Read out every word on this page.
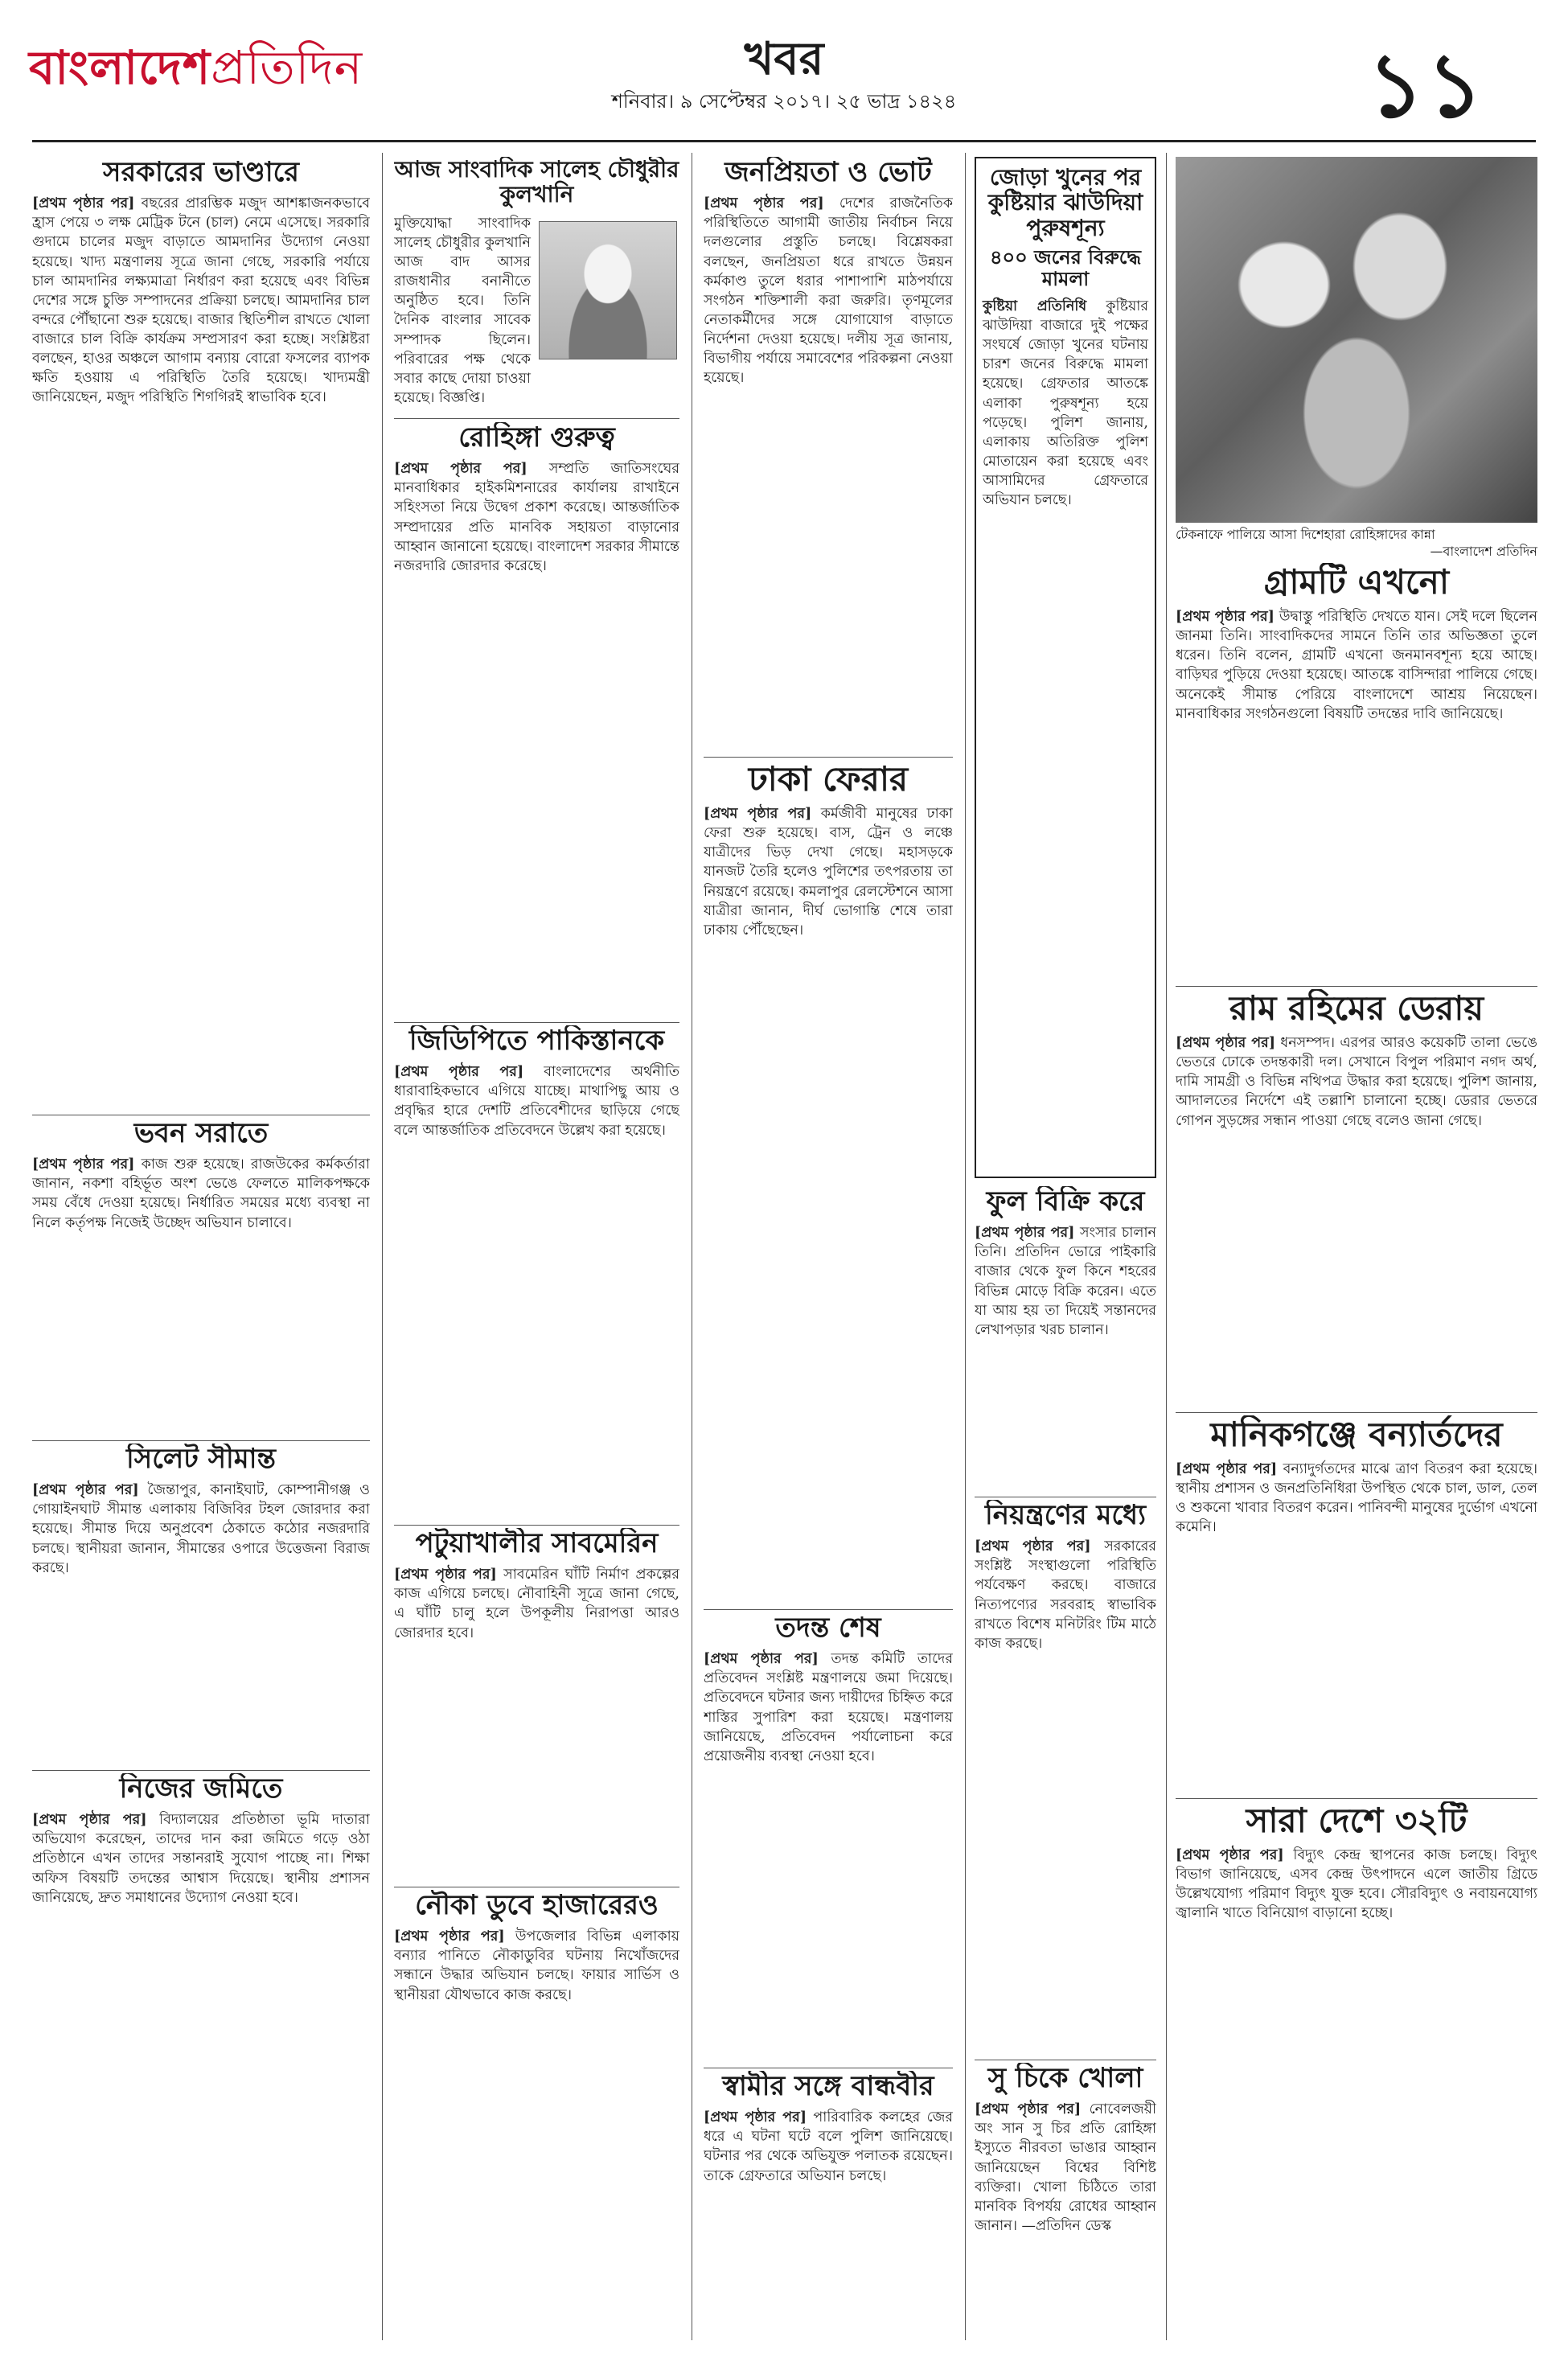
বাংলাদেশপ্রতিদিন	খবর
শনিবার। ৯ সেপ্টেম্বর ২০১৭। ২৫ ভাদ্র ১৪২৪	১১
সরকারের ভাণ্ডারে

[প্রথম পৃষ্ঠার পর] বছরের প্রারম্ভিক মজুদ আশঙ্কাজনকভাবে হ্রাস পেয়ে ৩ লক্ষ মেট্রিক টনে (চাল) নেমে এসেছে। সরকারি গুদামে চালের মজুদ বাড়াতে আমদানির উদ্যোগ নেওয়া হয়েছে। খাদ্য মন্ত্রণালয় সূত্রে জানা গেছে, সরকারি পর্যায়ে চাল আমদানির লক্ষ্যমাত্রা নির্ধারণ করা হয়েছে এবং বিভিন্ন দেশের সঙ্গে চুক্তি সম্পাদনের প্রক্রিয়া চলছে। আমদানির চাল বন্দরে পৌঁছানো শুরু হয়েছে। বাজার স্থিতিশীল রাখতে খোলা বাজারে চাল বিক্রি কার্যক্রম সম্প্রসারণ করা হচ্ছে। সংশ্লিষ্টরা বলছেন, হাওর অঞ্চলে আগাম বন্যায় বোরো ফসলের ব্যাপক ক্ষতি হওয়ায় এ পরিস্থিতি তৈরি হয়েছে। খাদ্যমন্ত্রী জানিয়েছেন, মজুদ পরিস্থিতি শিগগিরই স্বাভাবিক হবে।

ভবন সরাতে

[প্রথম পৃষ্ঠার পর] কাজ শুরু হয়েছে। রাজউকের কর্মকর্তারা জানান, নকশা বহির্ভূত অংশ ভেঙে ফেলতে মালিকপক্ষকে সময় বেঁধে দেওয়া হয়েছে। নির্ধারিত সময়ের মধ্যে ব্যবস্থা না নিলে কর্তৃপক্ষ নিজেই উচ্ছেদ অভিযান চালাবে।

সিলেট সীমান্ত

[প্রথম পৃষ্ঠার পর] জৈন্তাপুর, কানাইঘাট, কোম্পানীগঞ্জ ও গোয়াইনঘাট সীমান্ত এলাকায় বিজিবির টহল জোরদার করা হয়েছে। সীমান্ত দিয়ে অনুপ্রবেশ ঠেকাতে কঠোর নজরদারি চলছে। স্থানীয়রা জানান, সীমান্তের ওপারে উত্তেজনা বিরাজ করছে।

নিজের জমিতে

[প্রথম পৃষ্ঠার পর] বিদ্যালয়ের প্রতিষ্ঠাতা ভূমি দাতারা অভিযোগ করেছেন, তাদের দান করা জমিতে গড়ে ওঠা প্রতিষ্ঠানে এখন তাদের সন্তানরাই সুযোগ পাচ্ছে না। শিক্ষা অফিস বিষয়টি তদন্তের আশ্বাস দিয়েছে। স্থানীয় প্রশাসন জানিয়েছে, দ্রুত সমাধানের উদ্যোগ নেওয়া হবে।

আজ সাংবাদিক সালেহ চৌধুরীর কুলখানি

মুক্তিযোদ্ধা সাংবাদিক সালেহ চৌধুরীর কুলখানি আজ বাদ আসর রাজধানীর বনানীতে অনুষ্ঠিত হবে। তিনি দৈনিক বাংলার সাবেক সম্পাদক ছিলেন। পরিবারের পক্ষ থেকে সবার কাছে দোয়া চাওয়া হয়েছে। বিজ্ঞপ্তি।

রোহিঙ্গা গুরুত্ব

[প্রথম পৃষ্ঠার পর] সম্প্রতি জাতিসংঘের মানবাধিকার হাইকমিশনারের কার্যালয় রাখাইনে সহিংসতা নিয়ে উদ্বেগ প্রকাশ করেছে। আন্তর্জাতিক সম্প্রদায়ের প্রতি মানবিক সহায়তা বাড়ানোর আহ্বান জানানো হয়েছে। বাংলাদেশ সরকার সীমান্তে নজরদারি জোরদার করেছে।

জিডিপিতে পাকিস্তানকে

[প্রথম পৃষ্ঠার পর] বাংলাদেশের অর্থনীতি ধারাবাহিকভাবে এগিয়ে যাচ্ছে। মাথাপিছু আয় ও প্রবৃদ্ধির হারে দেশটি প্রতিবেশীদের ছাড়িয়ে গেছে বলে আন্তর্জাতিক প্রতিবেদনে উল্লেখ করা হয়েছে।

পটুয়াখালীর সাবমেরিন

[প্রথম পৃষ্ঠার পর] সাবমেরিন ঘাঁটি নির্মাণ প্রকল্পের কাজ এগিয়ে চলছে। নৌবাহিনী সূত্রে জানা গেছে, এ ঘাঁটি চালু হলে উপকূলীয় নিরাপত্তা আরও জোরদার হবে।

নৌকা ডুবে হাজারেরও

[প্রথম পৃষ্ঠার পর] উপজেলার বিভিন্ন এলাকায় বন্যার পানিতে নৌকাডুবির ঘটনায় নিখোঁজদের সন্ধানে উদ্ধার অভিযান চলছে। ফায়ার সার্ভিস ও স্থানীয়রা যৌথভাবে কাজ করছে।

জনপ্রিয়তা ও ভোট

[প্রথম পৃষ্ঠার পর] দেশের রাজনৈতিক পরিস্থিতিতে আগামী জাতীয় নির্বাচন নিয়ে দলগুলোর প্রস্তুতি চলছে। বিশ্লেষকরা বলছেন, জনপ্রিয়তা ধরে রাখতে উন্নয়ন কর্মকাণ্ড তুলে ধরার পাশাপাশি মাঠপর্যায়ে সংগঠন শক্তিশালী করা জরুরি। তৃণমূলের নেতাকর্মীদের সঙ্গে যোগাযোগ বাড়াতে নির্দেশনা দেওয়া হয়েছে। দলীয় সূত্র জানায়, বিভাগীয় পর্যায়ে সমাবেশের পরিকল্পনা নেওয়া হয়েছে।

ঢাকা ফেরার

[প্রথম পৃষ্ঠার পর] কর্মজীবী মানুষের ঢাকা ফেরা শুরু হয়েছে। বাস, ট্রেন ও লঞ্চে যাত্রীদের ভিড় দেখা গেছে। মহাসড়কে যানজট তৈরি হলেও পুলিশের তৎপরতায় তা নিয়ন্ত্রণে রয়েছে। কমলাপুর রেলস্টেশনে আসা যাত্রীরা জানান, দীর্ঘ ভোগান্তি শেষে তারা ঢাকায় পৌঁছেছেন।

তদন্ত শেষ

[প্রথম পৃষ্ঠার পর] তদন্ত কমিটি তাদের প্রতিবেদন সংশ্লিষ্ট মন্ত্রণালয়ে জমা দিয়েছে। প্রতিবেদনে ঘটনার জন্য দায়ীদের চিহ্নিত করে শাস্তির সুপারিশ করা হয়েছে। মন্ত্রণালয় জানিয়েছে, প্রতিবেদন পর্যালোচনা করে প্রয়োজনীয় ব্যবস্থা নেওয়া হবে।

স্বামীর সঙ্গে বান্ধবীর

[প্রথম পৃষ্ঠার পর] পারিবারিক কলহের জের ধরে এ ঘটনা ঘটে বলে পুলিশ জানিয়েছে। ঘটনার পর থেকে অভিযুক্ত পলাতক রয়েছেন। তাকে গ্রেফতারে অভিযান চলছে।

জোড়া খুনের পর কুষ্টিয়ার ঝাউদিয়া পুরুষশূন্য
৪০০ জনের বিরুদ্ধে মামলা

কুষ্টিয়া প্রতিনিধি কুষ্টিয়ার ঝাউদিয়া বাজারে দুই পক্ষের সংঘর্ষে জোড়া খুনের ঘটনায় চারশ জনের বিরুদ্ধে মামলা হয়েছে। গ্রেফতার আতঙ্কে এলাকা পুরুষশূন্য হয়ে পড়েছে। পুলিশ জানায়, এলাকায় অতিরিক্ত পুলিশ মোতায়েন করা হয়েছে এবং আসামিদের গ্রেফতারে অভিযান চলছে।

ফুল বিক্রি করে

[প্রথম পৃষ্ঠার পর] সংসার চালান তিনি। প্রতিদিন ভোরে পাইকারি বাজার থেকে ফুল কিনে শহরের বিভিন্ন মোড়ে বিক্রি করেন। এতে যা আয় হয় তা দিয়েই সন্তানদের লেখাপড়ার খরচ চালান।

নিয়ন্ত্রণের মধ্যে

[প্রথম পৃষ্ঠার পর] সরকারের সংশ্লিষ্ট সংস্থাগুলো পরিস্থিতি পর্যবেক্ষণ করছে। বাজারে নিত্যপণ্যের সরবরাহ স্বাভাবিক রাখতে বিশেষ মনিটরিং টিম মাঠে কাজ করছে।

সু চিকে খোলা

[প্রথম পৃষ্ঠার পর] নোবেলজয়ী অং সান সু চির প্রতি রোহিঙ্গা ইস্যুতে নীরবতা ভাঙার আহ্বান জানিয়েছেন বিশ্বের বিশিষ্ট ব্যক্তিরা। খোলা চিঠিতে তারা মানবিক বিপর্যয় রোধের আহ্বান জানান। —প্রতিদিন ডেস্ক

টেকনাফে পালিয়ে আসা দিশেহারা রোহিঙ্গাদের কান্না
—বাংলাদেশ প্রতিদিন
গ্রামটি এখনো

[প্রথম পৃষ্ঠার পর] উদ্বাস্তু পরিস্থিতি দেখতে যান। সেই দলে ছিলেন জানমা তিনি। সাংবাদিকদের সামনে তিনি তার অভিজ্ঞতা তুলে ধরেন। তিনি বলেন, গ্রামটি এখনো জনমানবশূন্য হয়ে আছে। বাড়িঘর পুড়িয়ে দেওয়া হয়েছে। আতঙ্কে বাসিন্দারা পালিয়ে গেছে। অনেকেই সীমান্ত পেরিয়ে বাংলাদেশে আশ্রয় নিয়েছেন। মানবাধিকার সংগঠনগুলো বিষয়টি তদন্তের দাবি জানিয়েছে।

রাম রহিমের ডেরায়

[প্রথম পৃষ্ঠার পর] ধনসম্পদ। এরপর আরও কয়েকটি তালা ভেঙে ভেতরে ঢোকে তদন্তকারী দল। সেখানে বিপুল পরিমাণ নগদ অর্থ, দামি সামগ্রী ও বিভিন্ন নথিপত্র উদ্ধার করা হয়েছে। পুলিশ জানায়, আদালতের নির্দেশে এই তল্লাশি চালানো হচ্ছে। ডেরার ভেতরে গোপন সুড়ঙ্গের সন্ধান পাওয়া গেছে বলেও জানা গেছে।

মানিকগঞ্জে বন্যার্তদের

[প্রথম পৃষ্ঠার পর] বন্যাদুর্গতদের মাঝে ত্রাণ বিতরণ করা হয়েছে। স্থানীয় প্রশাসন ও জনপ্রতিনিধিরা উপস্থিত থেকে চাল, ডাল, তেল ও শুকনো খাবার বিতরণ করেন। পানিবন্দী মানুষের দুর্ভোগ এখনো কমেনি।

সারা দেশে ৩২টি

[প্রথম পৃষ্ঠার পর] বিদ্যুৎ কেন্দ্র স্থাপনের কাজ চলছে। বিদ্যুৎ বিভাগ জানিয়েছে, এসব কেন্দ্র উৎপাদনে এলে জাতীয় গ্রিডে উল্লেখযোগ্য পরিমাণ বিদ্যুৎ যুক্ত হবে। সৌরবিদ্যুৎ ও নবায়নযোগ্য জ্বালানি খাতে বিনিয়োগ বাড়ানো হচ্ছে।
